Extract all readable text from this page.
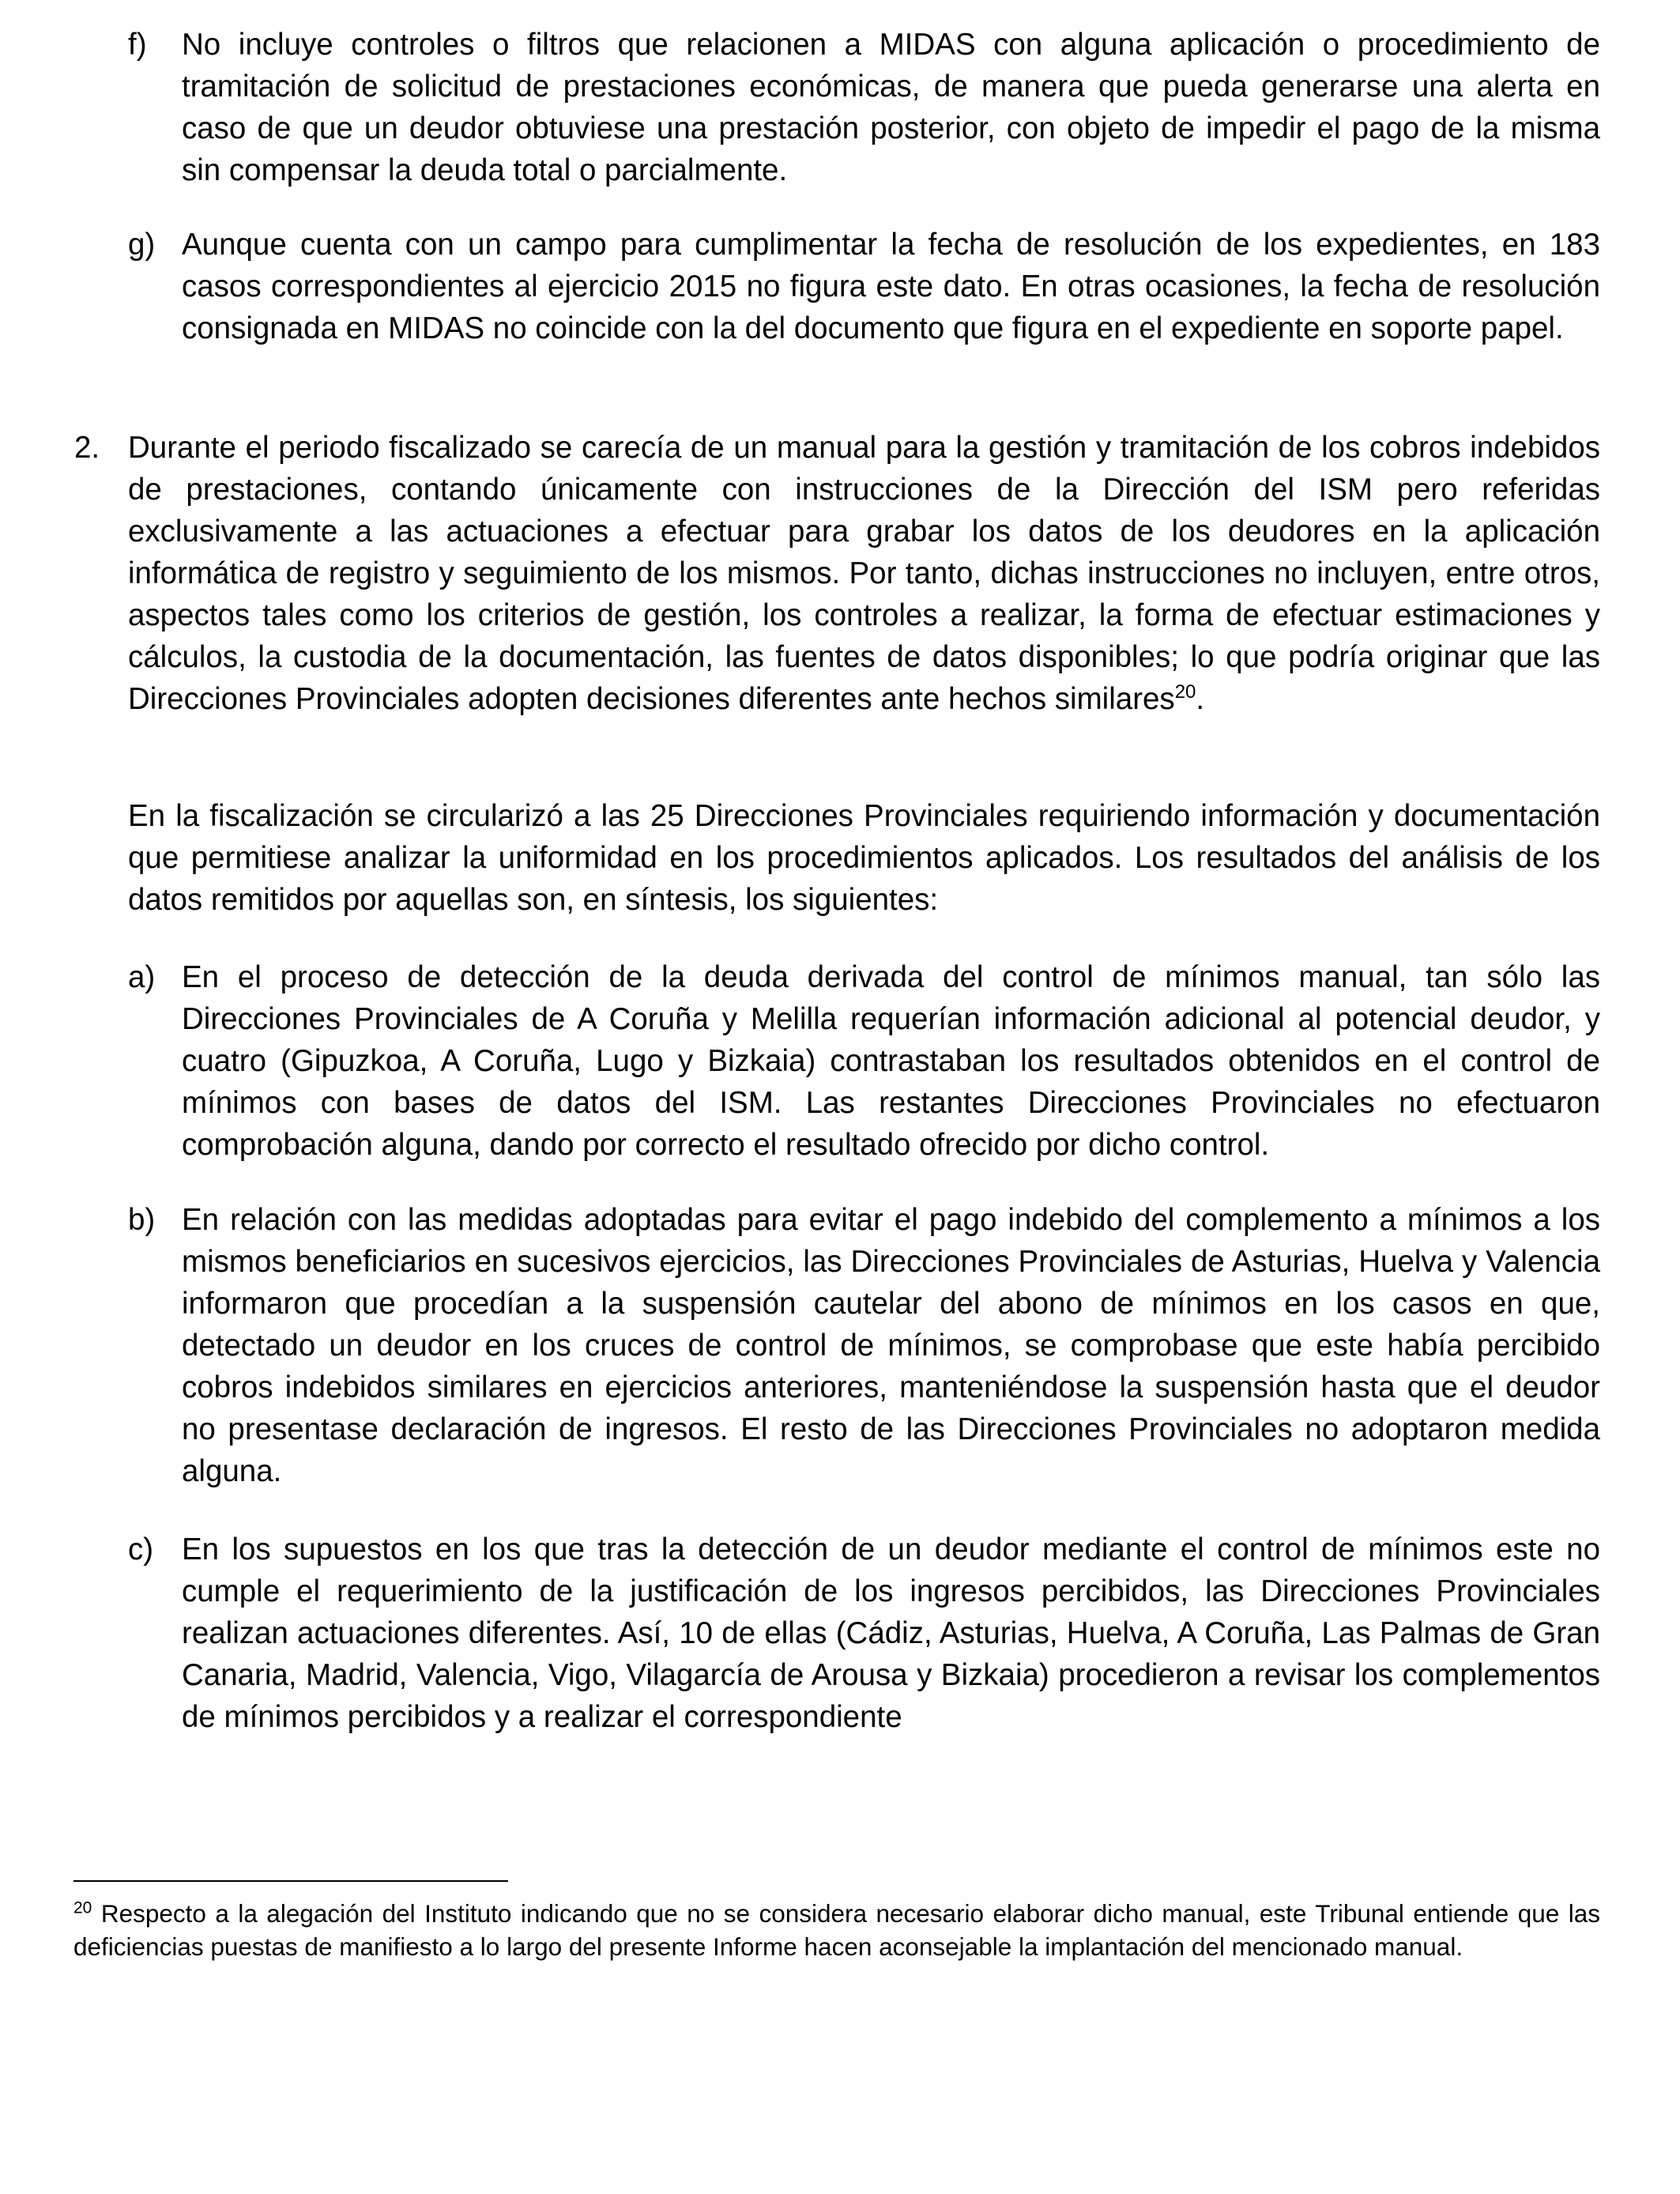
f) No incluye controles o filtros que relacionen a MIDAS con alguna aplicación o procedimiento de tramitación de solicitud de prestaciones económicas, de manera que pueda generarse una alerta en caso de que un deudor obtuviese una prestación posterior, con objeto de impedir el pago de la misma sin compensar la deuda total o parcialmente.
g) Aunque cuenta con un campo para cumplimentar la fecha de resolución de los expedientes, en 183 casos correspondientes al ejercicio 2015 no figura este dato. En otras ocasiones, la fecha de resolución consignada en MIDAS no coincide con la del documento que figura en el expediente en soporte papel.
2. Durante el periodo fiscalizado se carecía de un manual para la gestión y tramitación de los cobros indebidos de prestaciones, contando únicamente con instrucciones de la Dirección del ISM pero referidas exclusivamente a las actuaciones a efectuar para grabar los datos de los deudores en la aplicación informática de registro y seguimiento de los mismos. Por tanto, dichas instrucciones no incluyen, entre otros, aspectos tales como los criterios de gestión, los controles a realizar, la forma de efectuar estimaciones y cálculos, la custodia de la documentación, las fuentes de datos disponibles; lo que podría originar que las Direcciones Provinciales adopten decisiones diferentes ante hechos similares$^{20}$.
En la fiscalización se circularizó a las 25 Direcciones Provinciales requiriendo información y documentación que permitiese analizar la uniformidad en los procedimientos aplicados. Los resultados del análisis de los datos remitidos por aquellas son, en síntesis, los siguientes:
a) En el proceso de detección de la deuda derivada del control de mínimos manual, tan sólo las Direcciones Provinciales de A Coruña y Melilla requerían información adicional al potencial deudor, y cuatro (Gipuzkoa, A Coruña, Lugo y Bizkaia) contrastaban los resultados obtenidos en el control de mínimos con bases de datos del ISM. Las restantes Direcciones Provinciales no efectuaron comprobación alguna, dando por correcto el resultado ofrecido por dicho control.
b) En relación con las medidas adoptadas para evitar el pago indebido del complemento a mínimos a los mismos beneficiarios en sucesivos ejercicios, las Direcciones Provinciales de Asturias, Huelva y Valencia informaron que procedían a la suspensión cautelar del abono de mínimos en los casos en que, detectado un deudor en los cruces de control de mínimos, se comprobase que este había percibido cobros indebidos similares en ejercicios anteriores, manteniéndose la suspensión hasta que el deudor no presentase declaración de ingresos. El resto de las Direcciones Provinciales no adoptaron medida alguna.
c) En los supuestos en los que tras la detección de un deudor mediante el control de mínimos este no cumple el requerimiento de la justificación de los ingresos percibidos, las Direcciones Provinciales realizan actuaciones diferentes. Así, 10 de ellas (Cádiz, Asturias, Huelva, A Coruña, Las Palmas de Gran Canaria, Madrid, Valencia, Vigo, Vilagarcía de Arousa y Bizkaia) procedieron a revisar los complementos de mínimos percibidos y a realizar el correspondiente
$^{20}$ Respecto a la alegación del Instituto indicando que no se considera necesario elaborar dicho manual, este Tribunal entiende que las deficiencias puestas de manifiesto a lo largo del presente Informe hacen aconsejable la implantación del mencionado manual.
